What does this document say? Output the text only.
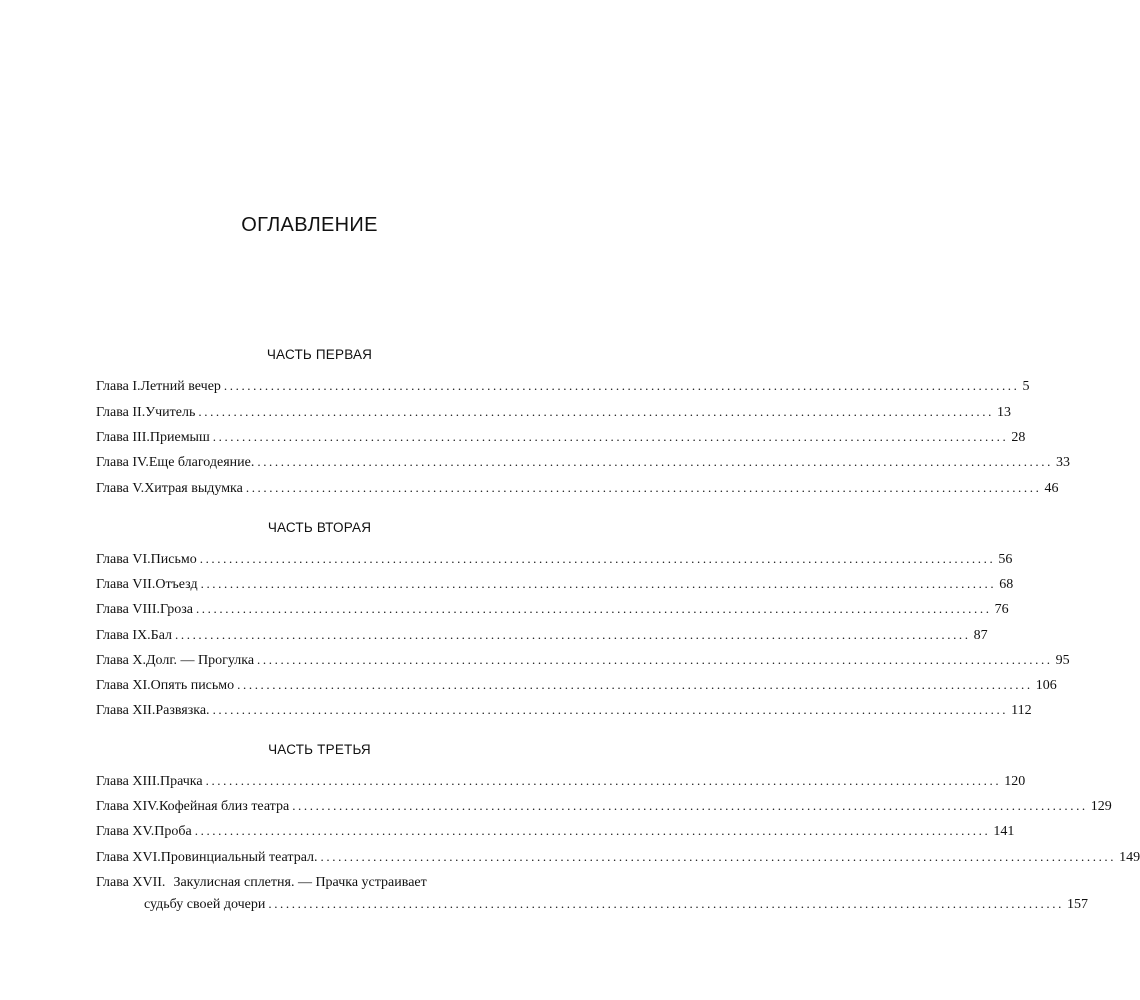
ОГЛАВЛЕНИЕ
ЧАСТЬ ПЕРВАЯ
Глава I. Летний вечер ........................................................................................................................................ 5
Глава II. Учитель ........................................................................................................................................ 13
Глава III. Приемыш ........................................................................................................................................ 28
Глава IV. Еще благодеяние. ........................................................................................................................................ 33
Глава V. Хитрая выдумка ........................................................................................................................................ 46
ЧАСТЬ ВТОРАЯ
Глава VI. Письмо ........................................................................................................................................ 56
Глава VII. Отъезд ........................................................................................................................................ 68
Глава VIII. Гроза ........................................................................................................................................ 76
Глава IX. Бал ........................................................................................................................................ 87
Глава X. Долг. — Прогулка ........................................................................................................................................ 95
Глава XI. Опять письмо ........................................................................................................................................ 106
Глава XII. Развязка. ........................................................................................................................................ 112
ЧАСТЬ ТРЕТЬЯ
Глава XIII. Прачка ........................................................................................................................................ 120
Глава XIV. Кофейная близ театра ........................................................................................................................................ 129
Глава XV. Проба ........................................................................................................................................ 141
Глава XVI. Провинциальный театрал. ........................................................................................................................................ 149
Глава XVII. Закулисная сплетня. — Прачка устраивает
судьбу своей дочери ........................................................................................................................................ 157
